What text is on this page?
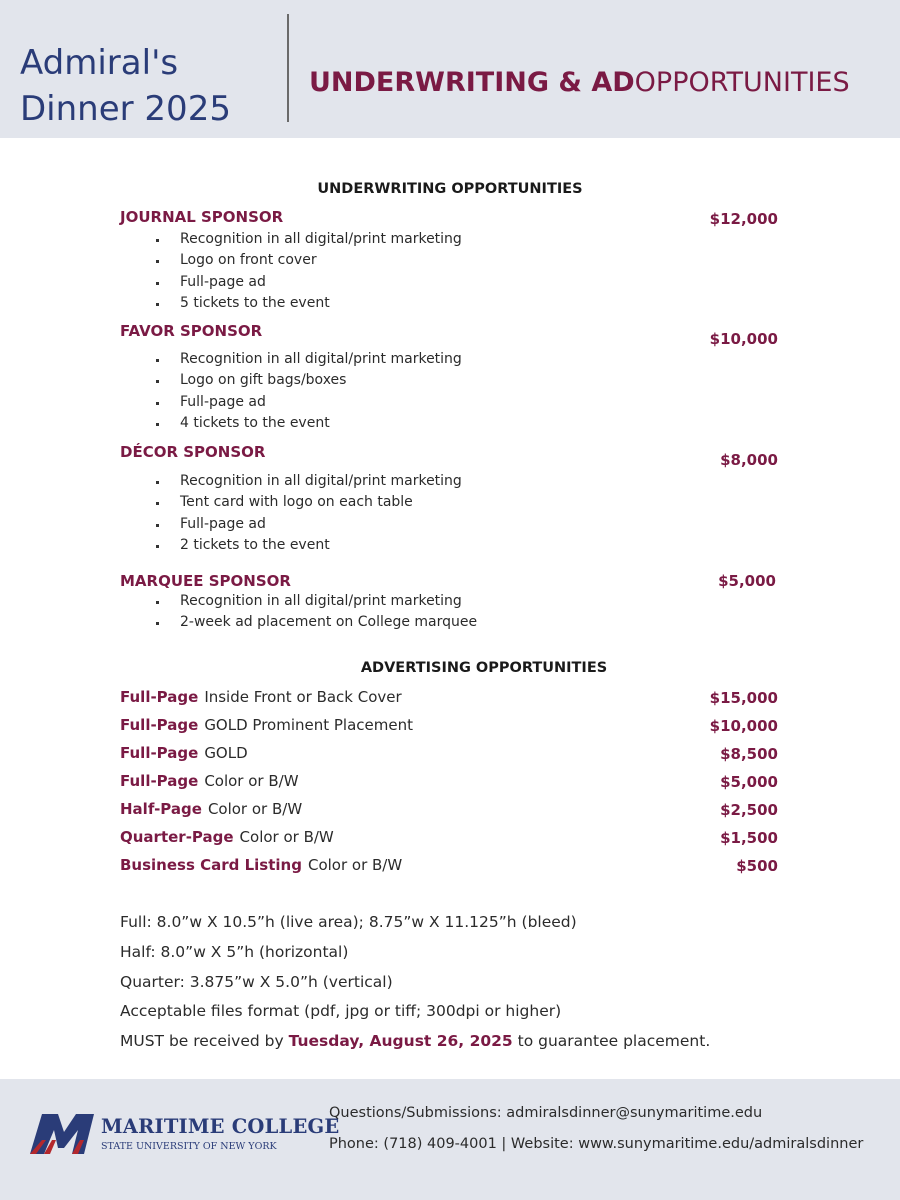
Admiral's Dinner 2025
UNDERWRITING & ADOPPORTUNITIES
UNDERWRITING OPPORTUNITIES
JOURNAL SPONSOR	$12,000
Recognition in all digital/print marketing
Logo on front cover
Full-page ad
5 tickets to the event
FAVOR SPONSOR	$10,000
Recognition in all digital/print marketing
Logo on gift bags/boxes
Full-page ad
4 tickets to the event
DÉCOR SPONSOR	$8,000
Recognition in all digital/print marketing
Tent card with logo on each table
Full-page ad
2 tickets to the event
MARQUEE SPONSOR	$5,000
Recognition in all digital/print marketing
2-week ad placement on College marquee
ADVERTISING OPPORTUNITIES
Full-Page Inside Front or Back Cover	$15,000
Full-Page GOLD Prominent Placement	$10,000
Full-Page GOLD	$8,500
Full-Page Color or B/W	$5,000
Half-Page Color or B/W	$2,500
Quarter-Page Color or B/W	$1,500
Business Card Listing Color or B/W	$500
Full: 8.0”w X 10.5”h (live area); 8.75”w X 11.125”h (bleed)
Half: 8.0”w X 5”h (horizontal)
Quarter: 3.875”w X 5.0”h (vertical)
Acceptable files format (pdf, jpg or tiff; 300dpi or higher)
MUST be received by Tuesday, August 26, 2025 to guarantee placement.
MARITIME COLLEGE
STATE UNIVERSITY OF NEW YORK
Questions/Submissions: admiralsdinner@sunymaritime.edu
Phone: (718) 409-4001 | Website: www.sunymaritime.edu/admiralsdinner
